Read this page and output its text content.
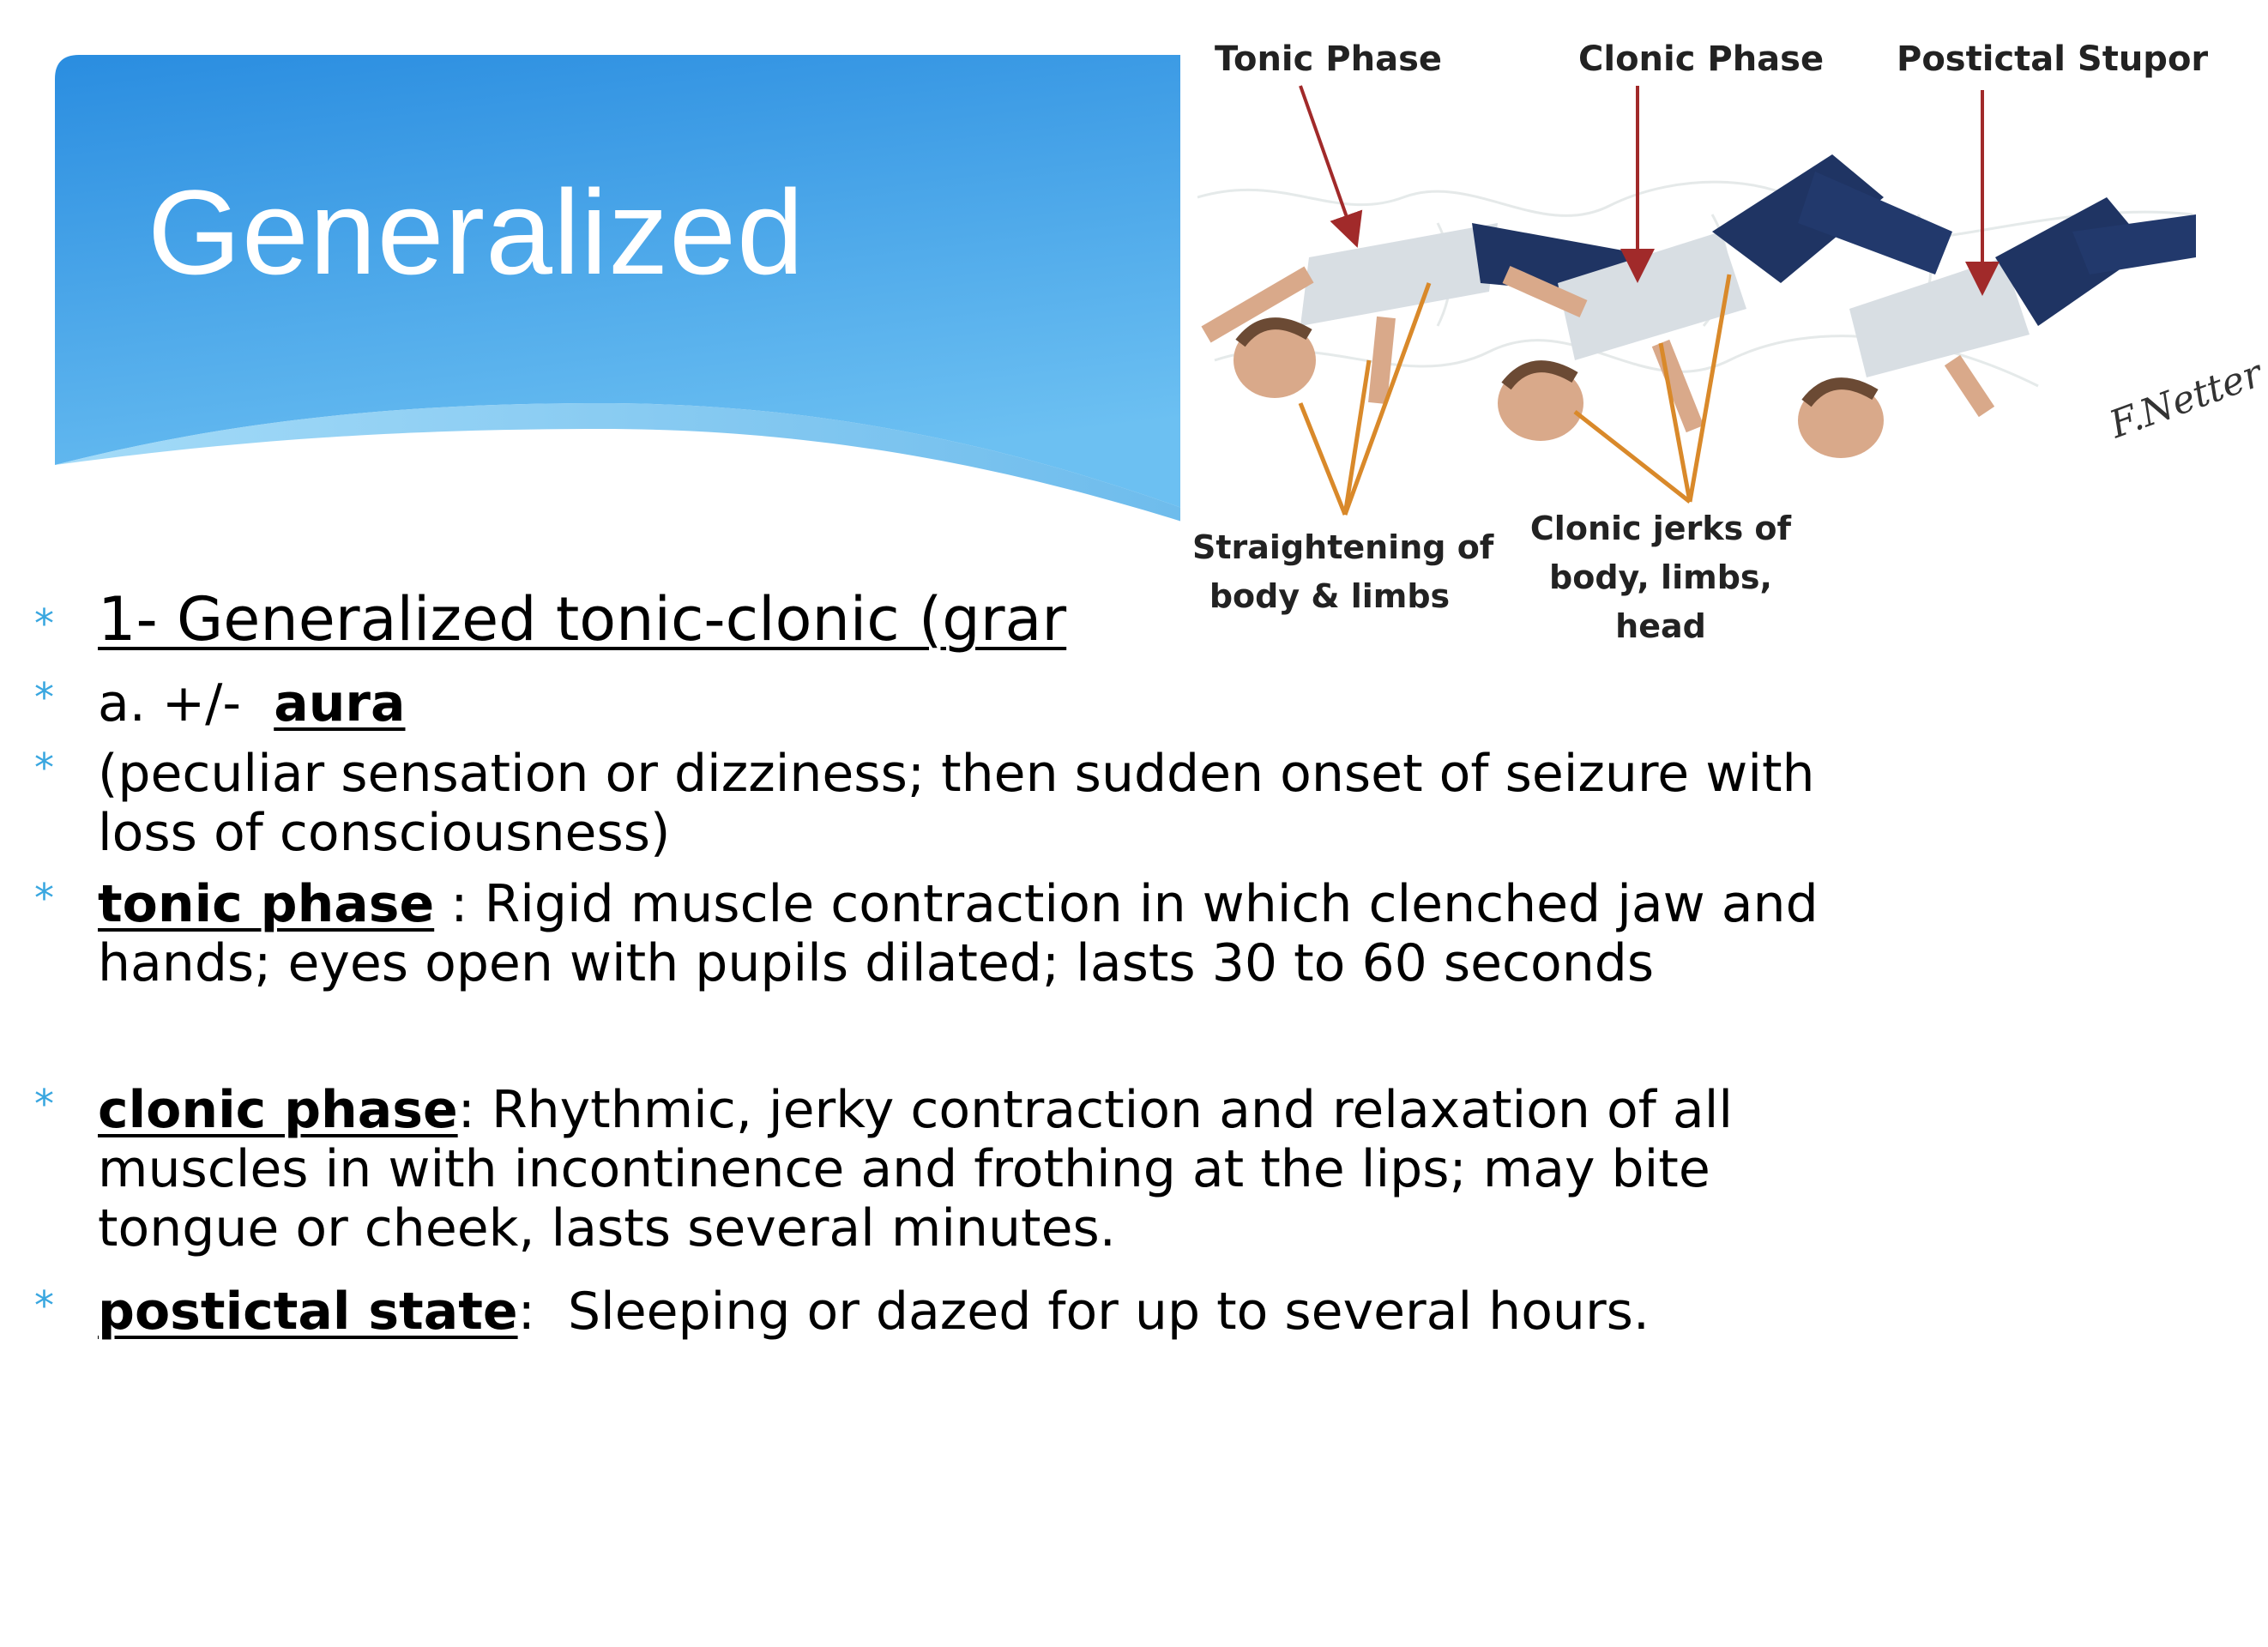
Generalized
Tonic Phase	Clonic Phase Postictal Stupor
Straightening of
body & limbs
Clonic jerks of
body, limbs,
head
F.Netter
* 1- Generalized tonic-clonic (grar
* a. +/-  aura
* (peculiar sensation or dizziness; then sudden onset of seizure with
loss of consciousness)
* tonic phase : Rigid muscle contraction in which clenched jaw and
hands; eyes open with pupils dilated; lasts 30 to 60 seconds
* clonic phase: Rhythmic, jerky contraction and relaxation of all
muscles in with incontinence and frothing at the lips; may bite
tongue or cheek, lasts several minutes.
* postictal state:  Sleeping or dazed for up to several hours.
